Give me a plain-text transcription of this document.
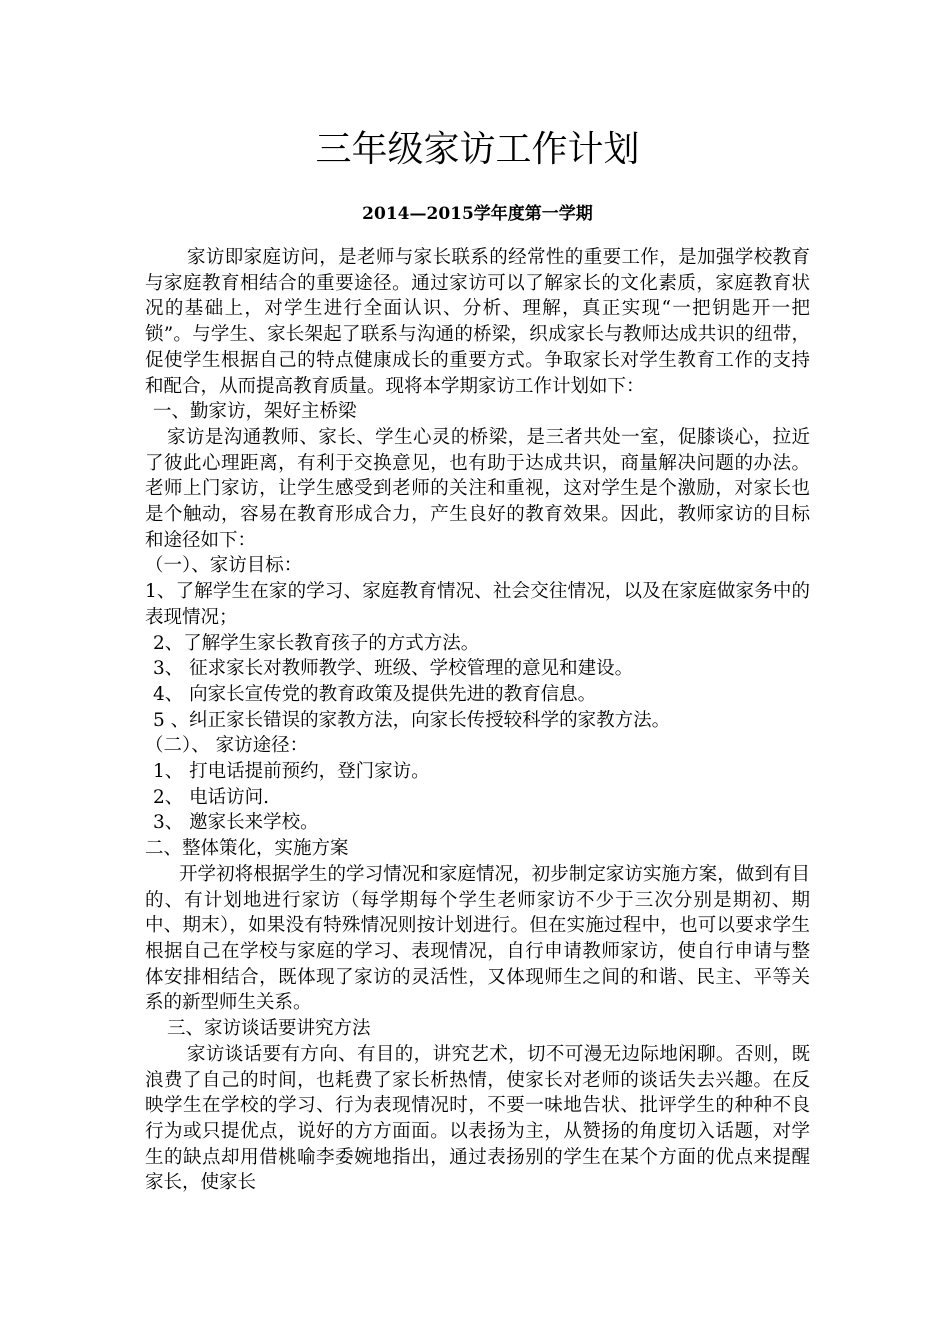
三年级家访工作计划
2014—2015学年度第一学期

家访即家庭访问，是老师与家长联系的经常性的重要工作，是加强学校教育与家庭教育相结合的重要途径。通过家访可以了解家长的文化素质，家庭教育状况的基础上，对学生进行全面认识、分析、理解，真正实现“一把钥匙开一把锁”。与学生、家长架起了联系与沟通的桥梁，织成家长与教师达成共识的纽带，促使学生根据自己的特点健康成长的重要方式。争取家长对学生教育工作的支持和配合，从而提高教育质量。现将本学期家访工作计划如下：

一、勤家访，架好主桥梁

家访是沟通教师、家长、学生心灵的桥梁，是三者共处一室，促膝谈心，拉近了彼此心理距离，有利于交换意见，也有助于达成共识，商量解决问题的办法。老师上门家访，让学生感受到老师的关注和重视，这对学生是个激励，对家长也是个触动，容易在教育形成合力，产生良好的教育效果。因此，教师家访的目标和途径如下：

（一）、家访目标：

1、了解学生在家的学习、家庭教育情况、社会交往情况，以及在家庭做家务中的表现情况；

2、了解学生家长教育孩子的方式方法。

3、 征求家长对教师教学、班级、学校管理的意见和建设。

4、 向家长宣传党的教育政策及提供先进的教育信息。

5 、纠正家长错误的家教方法，向家长传授较科学的家教方法。

（二）、 家访途径：

1、 打电话提前预约，登门家访。

2、 电话访问.

3、 邀家长来学校。

二、整体策化，实施方案

开学初将根据学生的学习情况和家庭情况，初步制定家访实施方案，做到有目的、有计划地进行家访（每学期每个学生老师家访不少于三次分别是期初、期中、期末），如果没有特殊情况则按计划进行。但在实施过程中，也可以要求学生根据自己在学校与家庭的学习、表现情况，自行申请教师家访，使自行申请与整体安排相结合，既体现了家访的灵活性，又体现师生之间的和谐、民主、平等关系的新型师生关系。

三、家访谈话要讲究方法

家访谈话要有方向、有目的，讲究艺术，切不可漫无边际地闲聊。否则，既浪费了自己的时间，也耗费了家长析热情，使家长对老师的谈话失去兴趣。在反映学生在学校的学习、行为表现情况时，不要一味地告状、批评学生的种种不良行为或只提优点，说好的方方面面。以表扬为主，从赞扬的角度切入话题，对学生的缺点却用借桃喻李委婉地指出，通过表扬别的学生在某个方面的优点来提醒家长，使家长
